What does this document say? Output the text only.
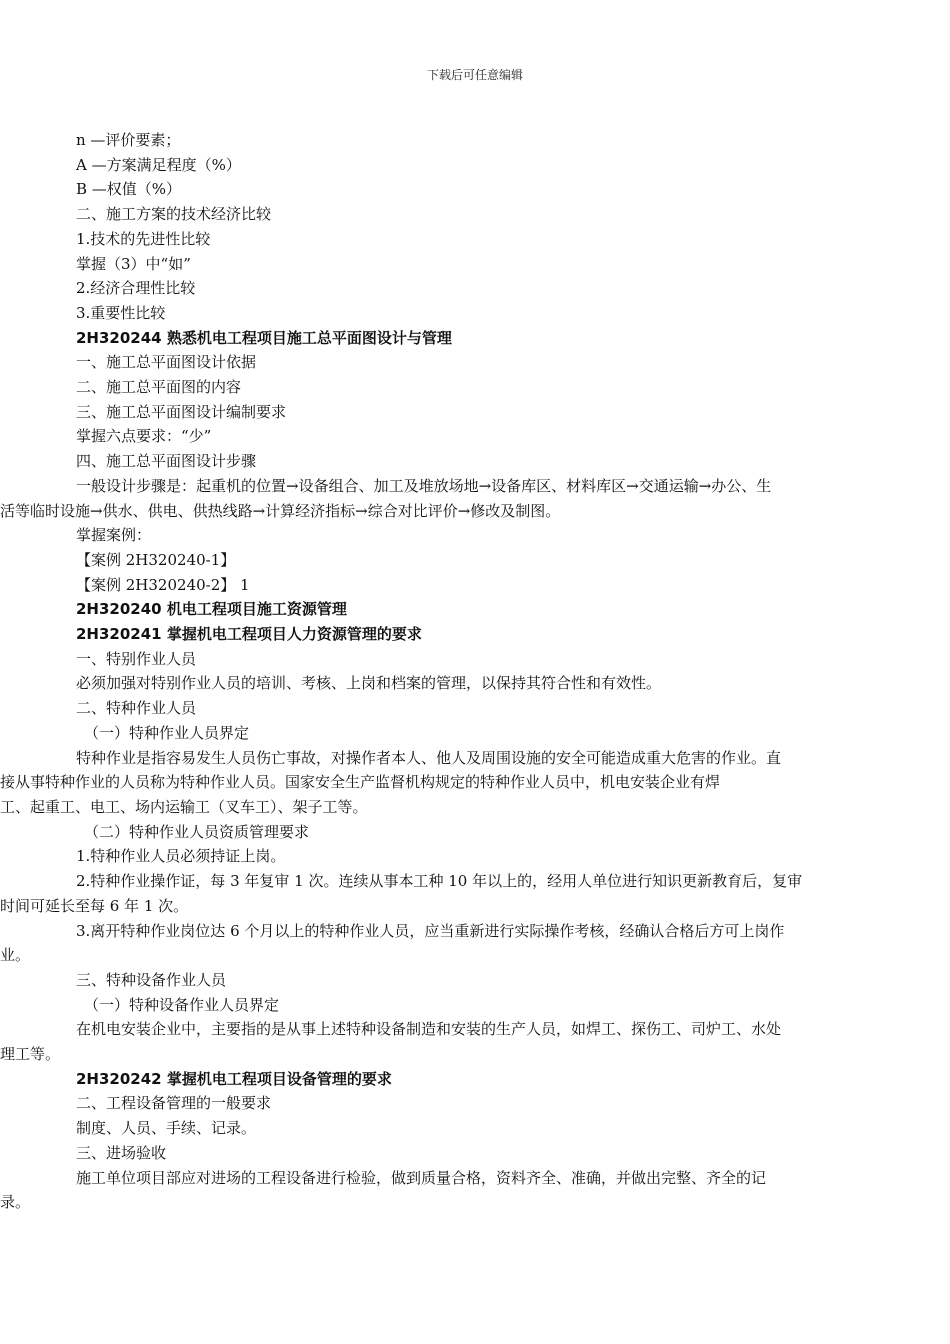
下载后可任意编辑

n —评价要素；

A —方案满足程度（%）

B —权值（%）

二、施工方案的技术经济比较

1.技术的先进性比较

掌握（3）中“如”

2.经济合理性比较

3.重要性比较

2H320244 熟悉机电工程项目施工总平面图设计与管理

一、施工总平面图设计依据

二、施工总平面图的内容

三、施工总平面图设计编制要求

掌握六点要求：“少”

四、施工总平面图设计步骤

一般设计步骤是：起重机的位置→设备组合、加工及堆放场地→设备库区、材料库区→交通运输→办公、生

活等临时设施→供水、供电、供热线路→计算经济指标→综合对比评价→修改及制图。

掌握案例：

【案例 2H320240-1】

【案例 2H320240-2】 1

2H320240 机电工程项目施工资源管理

2H320241 掌握机电工程项目人力资源管理的要求

一、特别作业人员

必须加强对特别作业人员的培训、考核、上岗和档案的管理，以保持其符合性和有效性。

二、特种作业人员

（一）特种作业人员界定

特种作业是指容易发生人员伤亡事故，对操作者本人、他人及周围设施的安全可能造成重大危害的作业。直

接从事特种作业的人员称为特种作业人员。国家安全生产监督机构规定的特种作业人员中，机电安装企业有焊

工、起重工、电工、场内运输工（叉车工）、架子工等。

（二）特种作业人员资质管理要求

1.特种作业人员必须持证上岗。

2.特种作业操作证，每 3 年复审 1 次。连续从事本工种 10 年以上的，经用人单位进行知识更新教育后，复审

时间可延长至每 6 年 1 次。

3.离开特种作业岗位达 6 个月以上的特种作业人员，应当重新进行实际操作考核，经确认合格后方可上岗作

业。

三、特种设备作业人员

（一）特种设备作业人员界定

在机电安装企业中，主要指的是从事上述特种设备制造和安装的生产人员，如焊工、探伤工、司炉工、水处

理工等。

2H320242 掌握机电工程项目设备管理的要求

二、工程设备管理的一般要求

制度、人员、手续、记录。

三、进场验收

施工单位项目部应对进场的工程设备进行检验，做到质量合格，资料齐全、准确，并做出完整、齐全的记

录。
